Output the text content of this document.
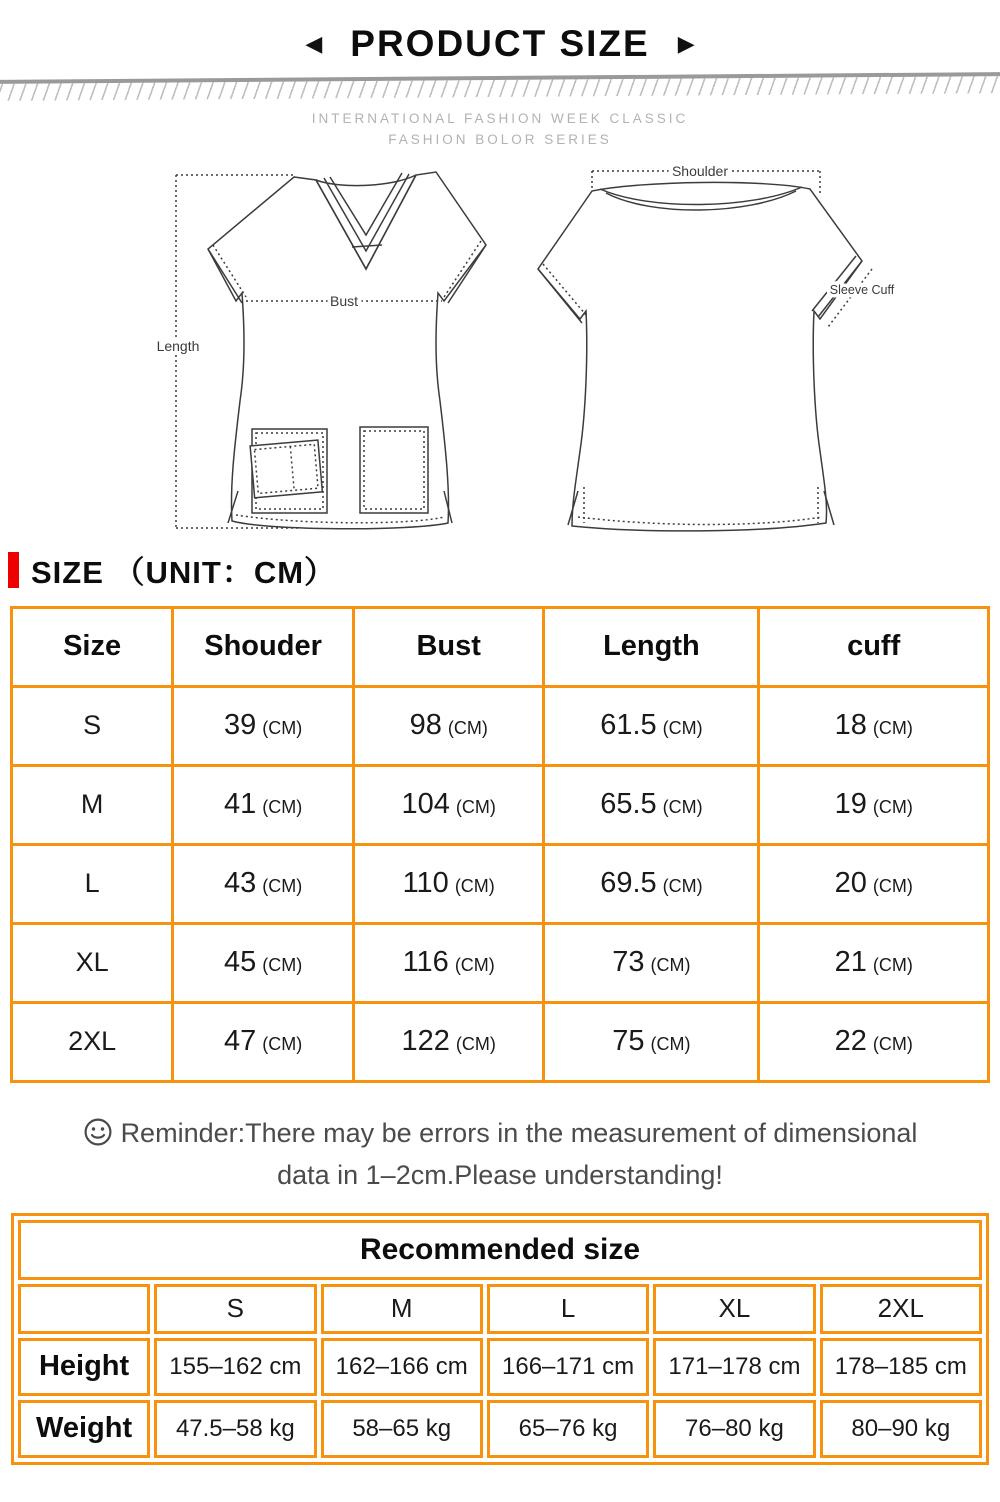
◀ PRODUCT SIZE ▶
INTERNATIONAL FASHION WEEK CLASSIC
FASHION BOLOR SERIES
Length
Bust
Shoulder
Sleeve Cuff
SIZE （UNIT：CM）
Size	Shouder	Bust	Length	cuff
S	39 (CM)	98 (CM)	61.5 (CM)	18 (CM)
M	41 (CM)	104 (CM)	65.5 (CM)	19 (CM)
L	43 (CM)	110 (CM)	69.5 (CM)	20 (CM)
XL	45 (CM)	116 (CM)	73 (CM)	21 (CM)
2XL	47 (CM)	122 (CM)	75 (CM)	22 (CM)
Reminder:There may be errors in the measurement of dimensional
data in 1–2cm.Please understanding!
Recommended size					
	S	M	L	XL	2XL
Height	155–162 cm	162–166 cm	166–171 cm	171–178 cm	178–185 cm
Weight	47.5–58 kg	58–65 kg	65–76 kg	76–80 kg	80–90 kg
